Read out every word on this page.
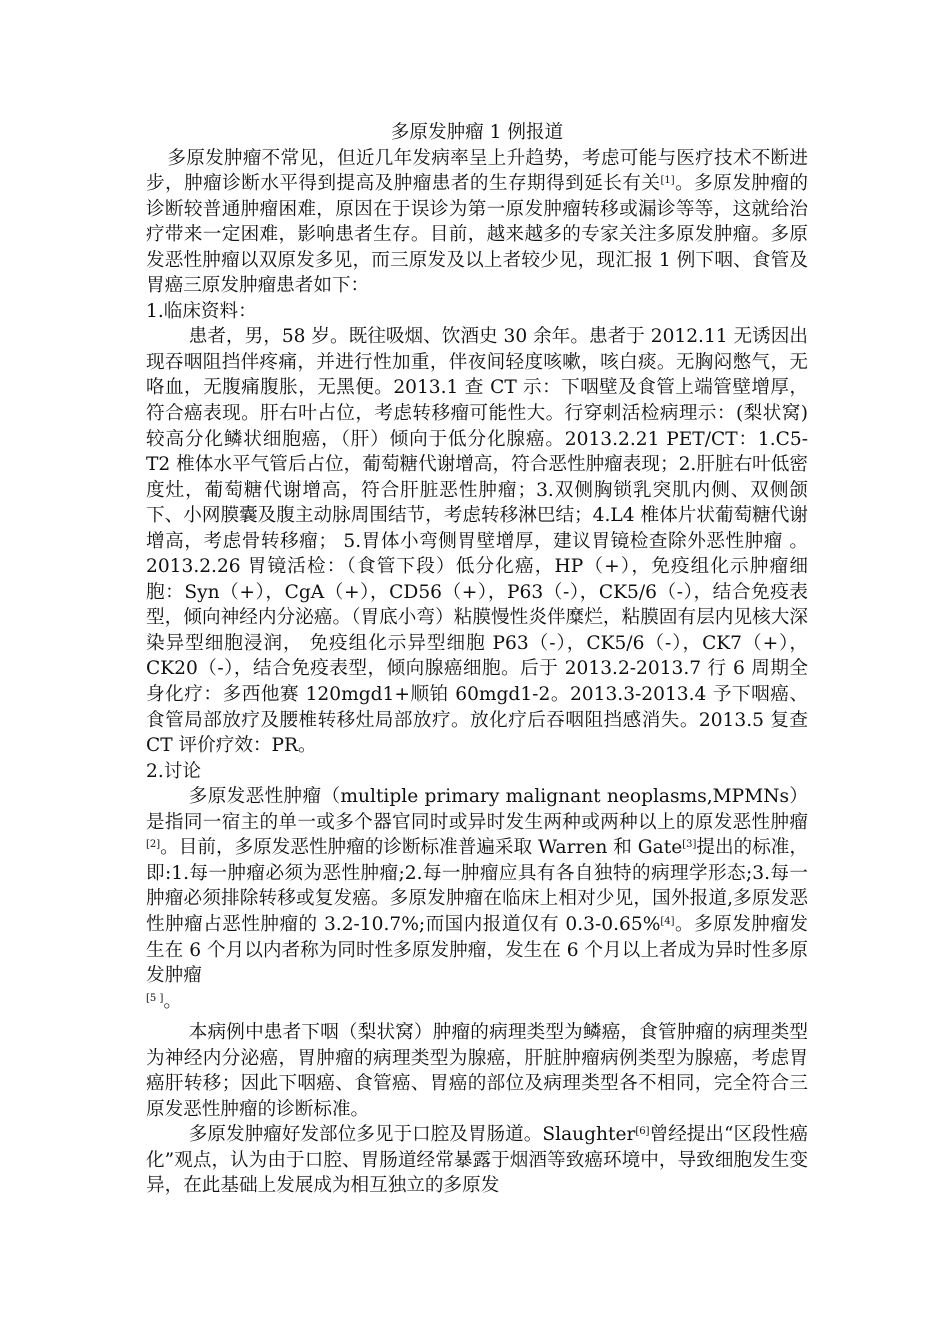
多原发肿瘤 1 例报道

多原发肿瘤不常见，但近几年发病率呈上升趋势，考虑可能与医疗技术不断进步，肿瘤诊断水平得到提高及肿瘤患者的生存期得到延长有关[1]。多原发肿瘤的诊断较普通肿瘤困难，原因在于误诊为第一原发肿瘤转移或漏诊等等，这就给治疗带来一定困难，影响患者生存。目前，越来越多的专家关注多原发肿瘤。多原发恶性肿瘤以双原发多见，而三原发及以上者较少见，现汇报 1 例下咽、食管及胃癌三原发肿瘤患者如下：

1.临床资料：

患者，男，58 岁。既往吸烟、饮酒史 30 余年。患者于 2012.11 无诱因出现吞咽阻挡伴疼痛，并进行性加重，伴夜间轻度咳嗽，咳白痰。无胸闷憋气，无咯血，无腹痛腹胀，无黑便。2013.1 查 CT 示：下咽壁及食管上端管壁增厚，符合癌表现。肝右叶占位，考虑转移瘤可能性大。行穿刺活检病理示：(梨状窝)较高分化鳞状细胞癌，（肝）倾向于低分化腺癌。2013.2.21 PET/CT：1.C5-T2 椎体水平气管后占位，葡萄糖代谢增高，符合恶性肿瘤表现；2.肝脏右叶低密度灶，葡萄糖代谢增高，符合肝脏恶性肿瘤；3.双侧胸锁乳突肌内侧、双侧颌下、小网膜囊及腹主动脉周围结节，考虑转移淋巴结；4.L4 椎体片状葡萄糖代谢增高，考虑骨转移瘤； 5.胃体小弯侧胃壁增厚，建议胃镜检查除外恶性肿瘤 。2013.2.26 胃镜活检：（食管下段）低分化癌，HP（+），免疫组化示肿瘤细胞：Syn（+），CgA（+），CD56（+），P63（-），CK5/6（-），结合免疫表型，倾向神经内分泌癌。（胃底小弯）粘膜慢性炎伴糜烂，粘膜固有层内见核大深染异型细胞浸润， 免疫组化示异型细胞 P63（-），CK5/6（-），CK7（+），CK20（-），结合免疫表型，倾向腺癌细胞。后于 2013.2-2013.7 行 6 周期全身化疗：多西他赛 120mgd1+顺铂 60mgd1-2。2013.3-2013.4 予下咽癌、食管局部放疗及腰椎转移灶局部放疗。放化疗后吞咽阻挡感消失。2013.5 复查 CT 评价疗效：PR。

2.讨论

多原发恶性肿瘤（multiple primary malignant neoplasms,MPMNs）是指同一宿主的单一或多个器官同时或异时发生两种或两种以上的原发恶性肿瘤[2]。目前，多原发恶性肿瘤的诊断标准普遍采取 Warren 和 Gate[3]提出的标准，即:1.每一肿瘤必须为恶性肿瘤;2.每一肿瘤应具有各自独特的病理学形态;3.每一肿瘤必须排除转移或复发癌。多原发肿瘤在临床上相对少见，国外报道,多原发恶性肿瘤占恶性肿瘤的 3.2-10.7%;而国内报道仅有 0.3-0.65%[4]。多原发肿瘤发生在 6 个月以内者称为同时性多原发肿瘤，发生在 6 个月以上者成为异时性多原发肿瘤
[5 ]。

本病例中患者下咽（梨状窝）肿瘤的病理类型为鳞癌，食管肿瘤的病理类型为神经内分泌癌，胃肿瘤的病理类型为腺癌，肝脏肿瘤病例类型为腺癌，考虑胃癌肝转移；因此下咽癌、食管癌、胃癌的部位及病理类型各不相同，完全符合三原发恶性肿瘤的诊断标准。

多原发肿瘤好发部位多见于口腔及胃肠道。Slaughter[6]曾经提出“区段性癌化”观点，认为由于口腔、胃肠道经常暴露于烟酒等致癌环境中，导致细胞发生变异，在此基础上发展成为相互独立的多原发
